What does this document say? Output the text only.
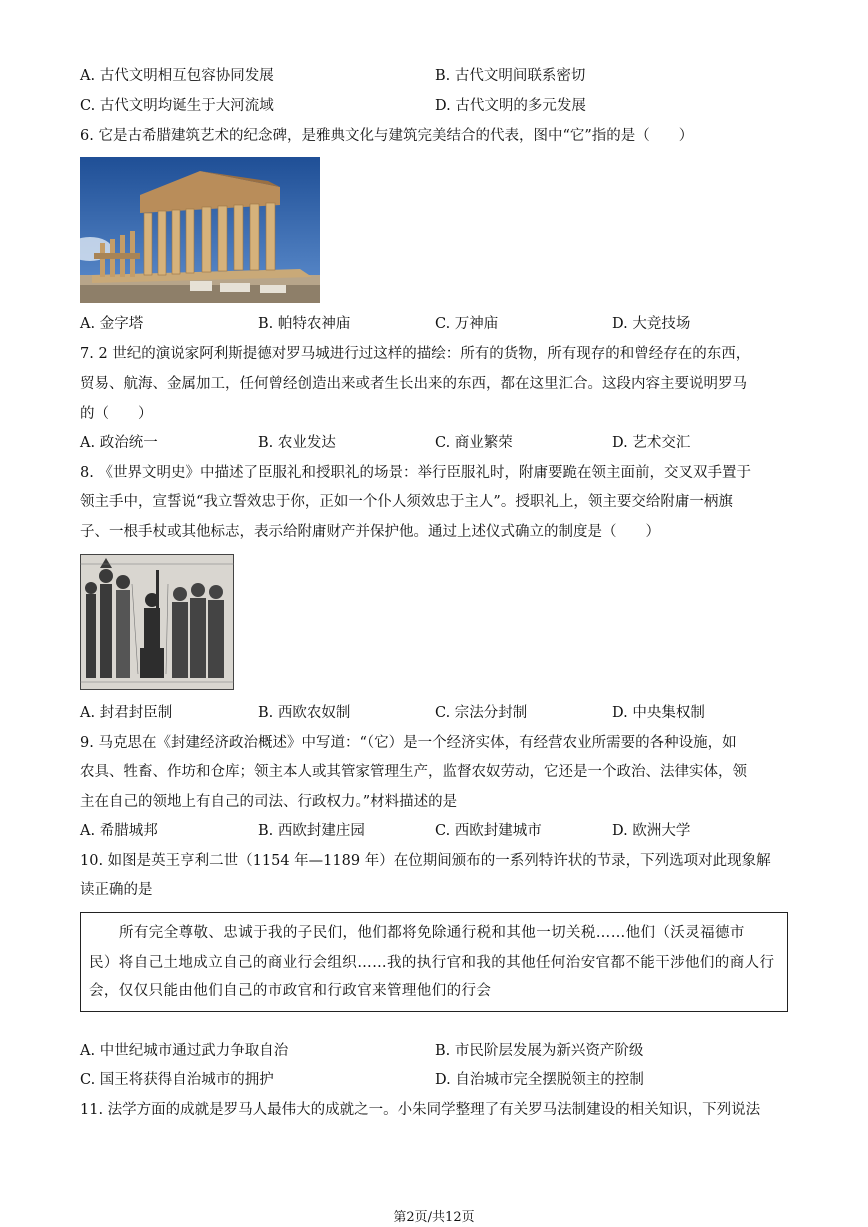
A. 古代文明相互包容协同发展	B. 古代文明间联系密切
C. 古代文明均诞生于大河流域	D. 古代文明的多元发展
6. 它是古希腊建筑艺术的纪念碑，是雅典文化与建筑完美结合的代表，图中“它”指的是（　　）
A. 金字塔	B. 帕特农神庙	C. 万神庙	D. 大竞技场
7. 2 世纪的演说家阿利斯提德对罗马城进行过这样的描绘：所有的货物，所有现存的和曾经存在的东西，
贸易、航海、金属加工，任何曾经创造出来或者生长出来的东西，都在这里汇合。这段内容主要说明罗马
的（　　）
A. 政治统一	B. 农业发达	C. 商业繁荣	D. 艺术交汇
8. 《世界文明史》中描述了臣服礼和授职礼的场景：举行臣服礼时，附庸要跪在领主面前，交叉双手置于
领主手中，宣誓说“我立誓效忠于你，正如一个仆人须效忠于主人”。授职礼上，领主要交给附庸一柄旗
子、一根手杖或其他标志，表示给附庸财产并保护他。通过上述仪式确立的制度是（　　）
A. 封君封臣制	B. 西欧农奴制	C. 宗法分封制	D. 中央集权制
9. 马克思在《封建经济政治概述》中写道：“（它）是一个经济实体，有经营农业所需要的各种设施，如
农具、牲畜、作坊和仓库；领主本人或其管家管理生产，监督农奴劳动，它还是一个政治、法律实体，领
主在自己的领地上有自己的司法、行政权力。”材料描述的是
A. 希腊城邦	B. 西欧封建庄园	C. 西欧封建城市	D. 欧洲大学
10. 如图是英王亨利二世（1154 年—1189 年）在位期间颁布的一系列特许状的节录，下列选项对此现象解
读正确的是
所有完全尊敬、忠诚于我的子民们，他们都将免除通行税和其他一切关税……他们（沃灵福德市
民）将自己土地成立自己的商业行会组织……我的执行官和我的其他任何治安官都不能干涉他们的商人行
会，仅仅只能由他们自己的市政官和行政官来管理他们的行会
A. 中世纪城市通过武力争取自治	B. 市民阶层发展为新兴资产阶级
C. 国王将获得自治城市的拥护	D. 自治城市完全摆脱领主的控制
11. 法学方面的成就是罗马人最伟大的成就之一。小朱同学整理了有关罗马法制建设的相关知识，下列说法
第2页/共12页
